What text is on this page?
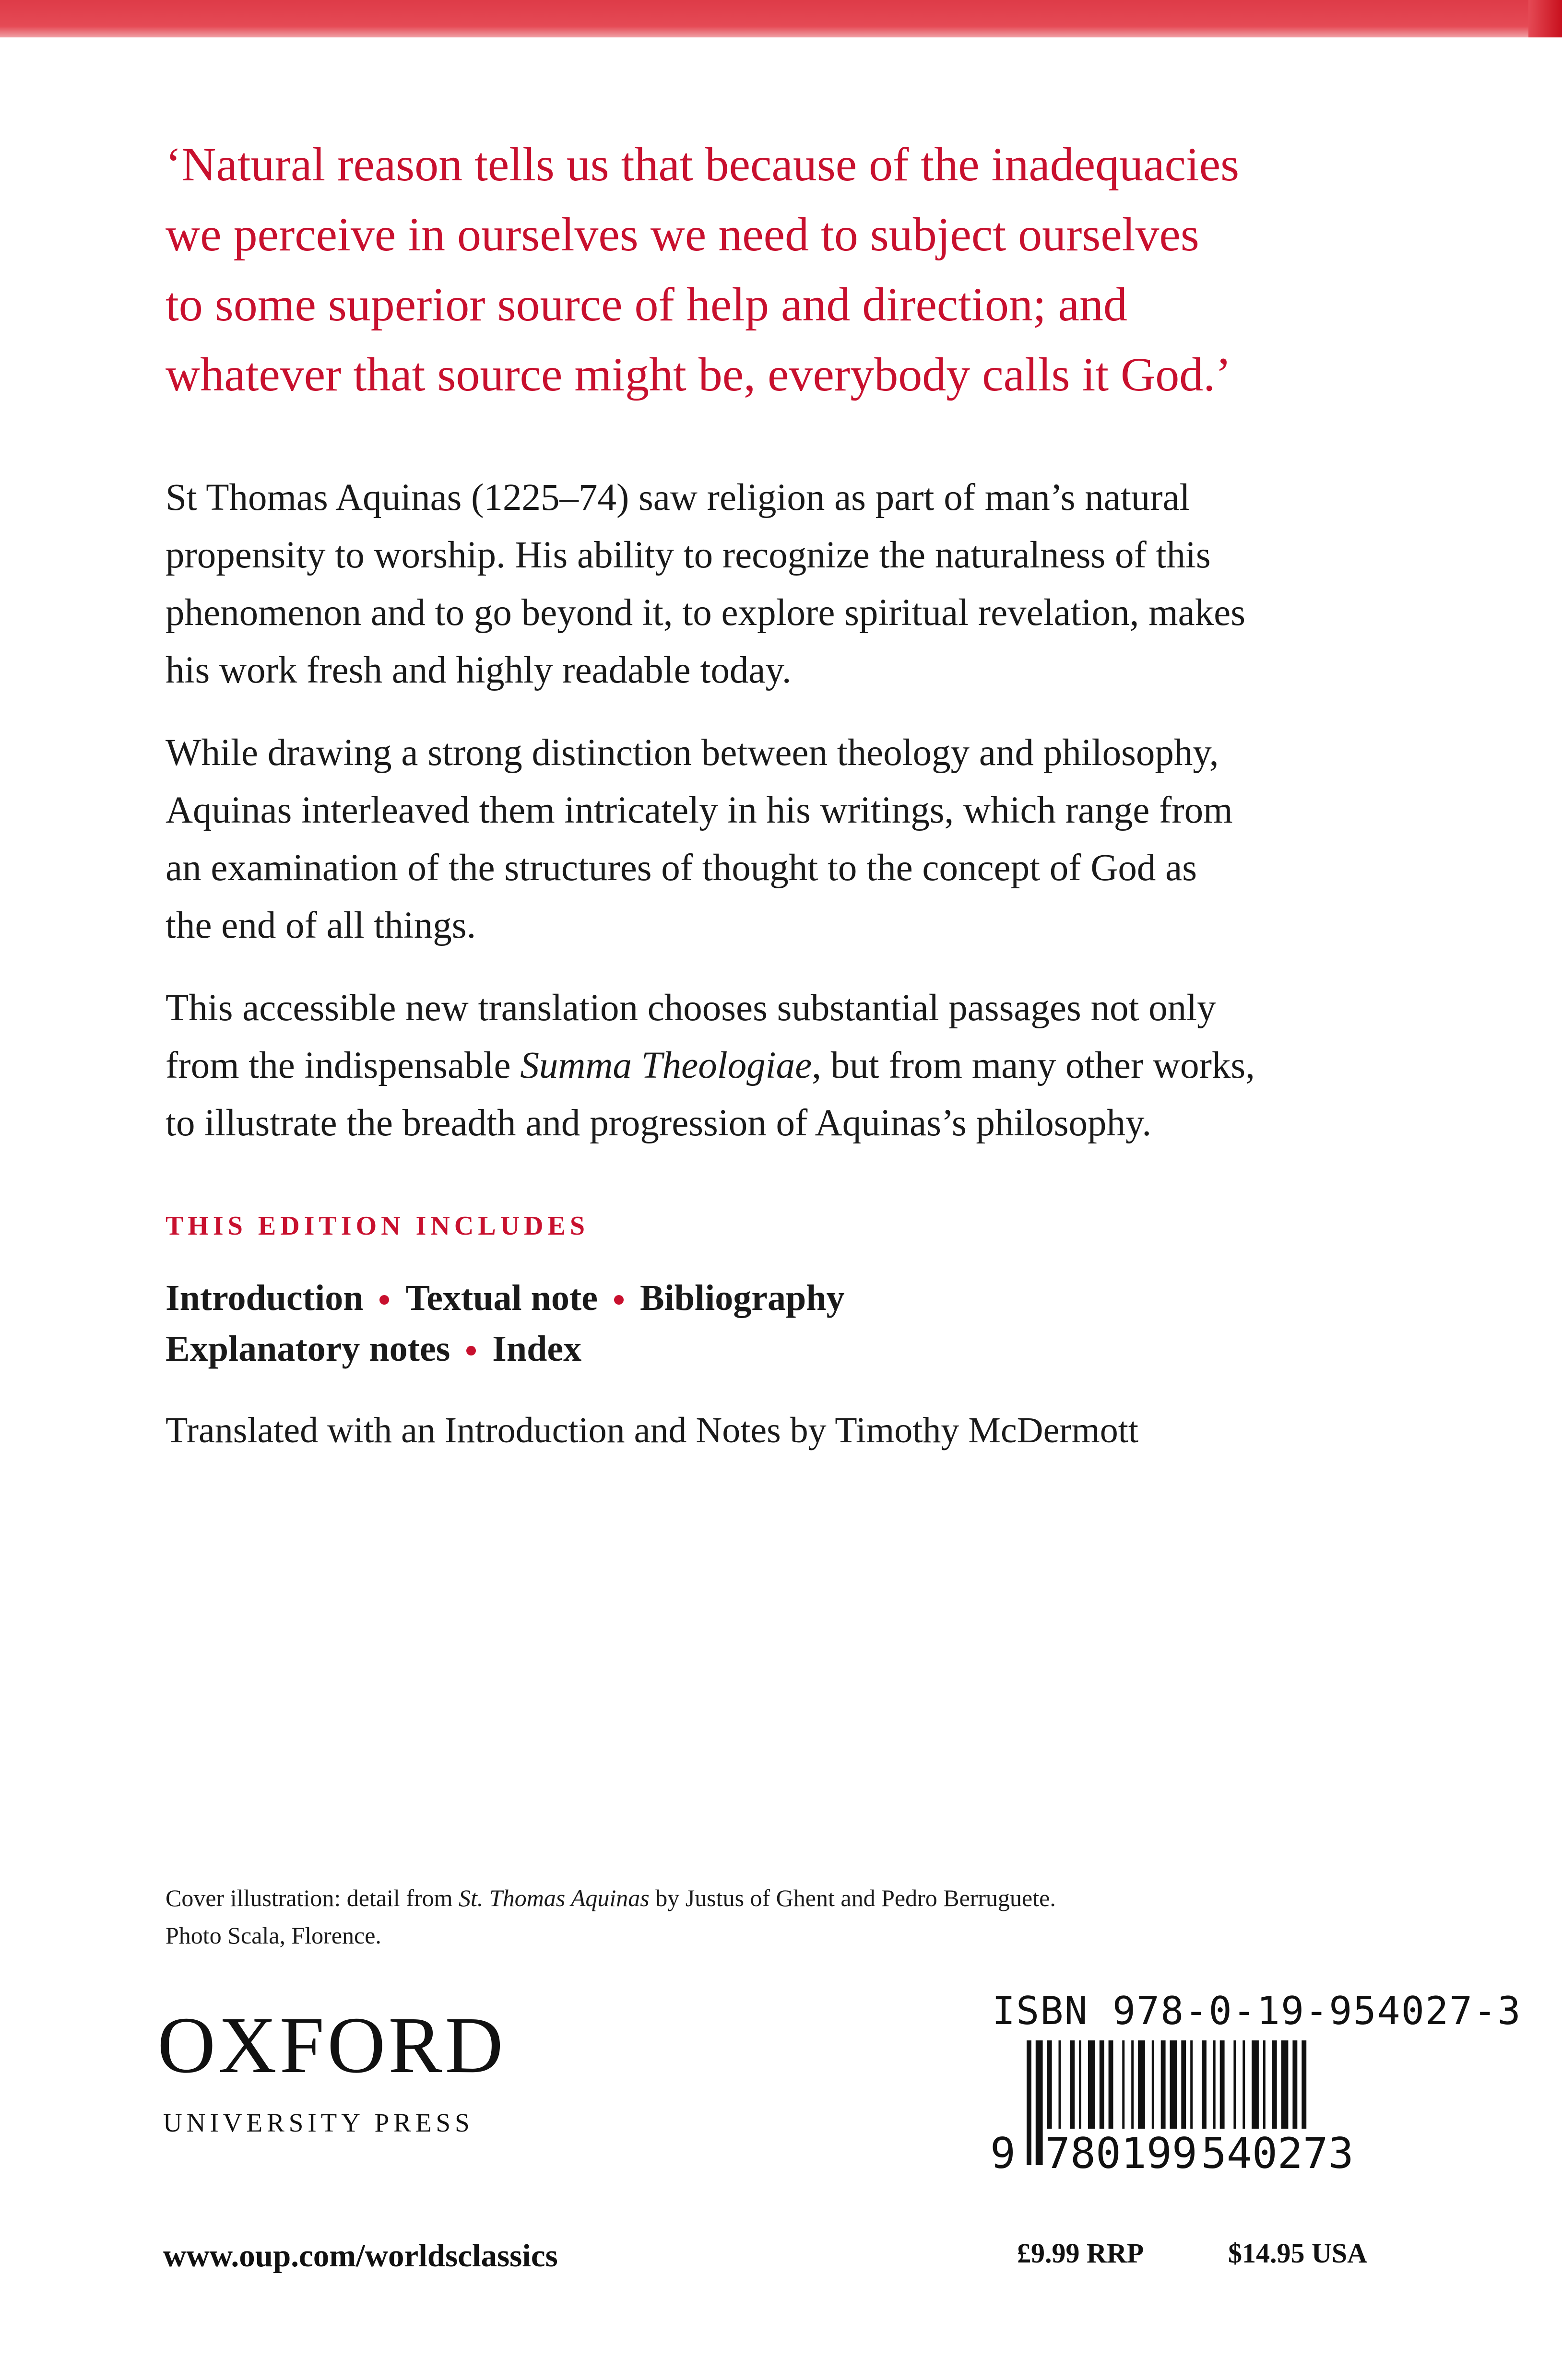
‘Natural reason tells us that because of the inadequacies
we perceive in ourselves we need to subject ourselves
to some superior source of help and direction; and
whatever that source might be, everybody calls it God.’

St Thomas Aquinas (1225–74) saw religion as part of man’s natural
propensity to worship. His ability to recognize the naturalness of this
phenomenon and to go beyond it, to explore spiritual revelation, makes
his work fresh and highly readable today.

While drawing a strong distinction between theology and philosophy,
Aquinas interleaved them intricately in his writings, which range from
an examination of the structures of thought to the concept of God as
the end of all things.

This accessible new translation chooses substantial passages not only
from the indispensable Summa Theologiae, but from many other works,
to illustrate the breadth and progression of Aquinas’s philosophy.

THIS EDITION INCLUDES

Introduction Textual note Bibliography

Explanatory notes Index

Translated with an Introduction and Notes by Timothy McDermott

Cover illustration: detail from St. Thomas Aquinas by Justus of Ghent and Pedro Berruguete.
Photo Scala, Florence.

OXFORD
UNIVERSITY PRESS
www.oup.com/worldsclassics
ISBN 978-0-19-954027-3
9 780199540273
£9.99 RRP	$14.95 USA
